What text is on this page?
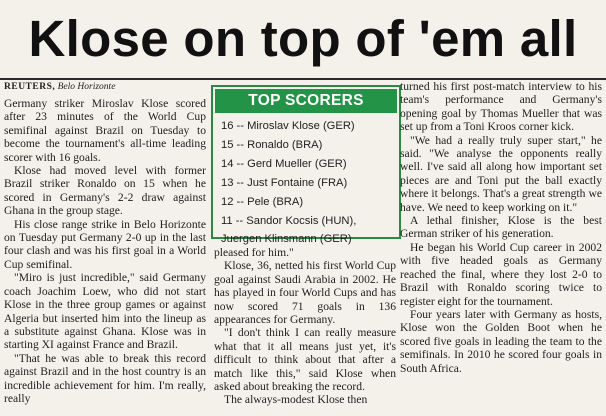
Klose on top of 'em all
REUTERS, Belo Horizonte

Germany striker Miroslav Klose scored after 23 minutes of the World Cup semifinal against Brazil on Tuesday to become the tournament's all-time leading scorer with 16 goals.

Klose had moved level with former Brazil striker Ronaldo on 15 when he scored in Germany's 2-2 draw against Ghana in the group stage.

His close range strike in Belo Horizonte on Tuesday put Germany 2-0 up in the last four clash and was his first goal in a World Cup semifinal.

"Miro is just incredible," said Germany coach Joachim Loew, who did not start Klose in the three group games or against Algeria but inserted him into the lineup as a substitute against Ghana. Klose was in starting XI against France and Brazil.

"That he was able to break this record against Brazil and in the host country is an incredible achievement for him. I'm really, really

TOP SCORERS
16 -- Miroslav Klose (GER)
15 -- Ronaldo (BRA)
14 -- Gerd Mueller (GER)
13 -- Just Fontaine (FRA)
12 -- Pele (BRA)
11 -- Sandor Kocsis (HUN), Juergen Klinsmann (GER)

pleased for him."

Klose, 36, netted his first World Cup goal against Saudi Arabia in 2002. He has played in four World Cups and has now scored 71 goals in 136 appearances for Germany.

"I don't think I can really measure what that it all means just yet, it's difficult to think about that after a match like this," said Klose when asked about breaking the record.

The always-modest Klose then

turned his first post-match interview to his team's performance and Germany's opening goal by Thomas Mueller that was set up from a Toni Kroos corner kick.

"We had a really truly super start," he said. "We analyse the opponents really well. I've said all along how important set pieces are and Toni put the ball exactly where it belongs. That's a great strength we have. We need to keep working on it."

A lethal finisher, Klose is the best German striker of his generation.

He began his World Cup career in 2002 with five headed goals as Germany reached the final, where they lost 2-0 to Brazil with Ronaldo scoring twice to register eight for the tournament.

Four years later with Germany as hosts, Klose won the Golden Boot when he scored five goals in leading the team to the semifinals. In 2010 he scored four goals in South Africa.
